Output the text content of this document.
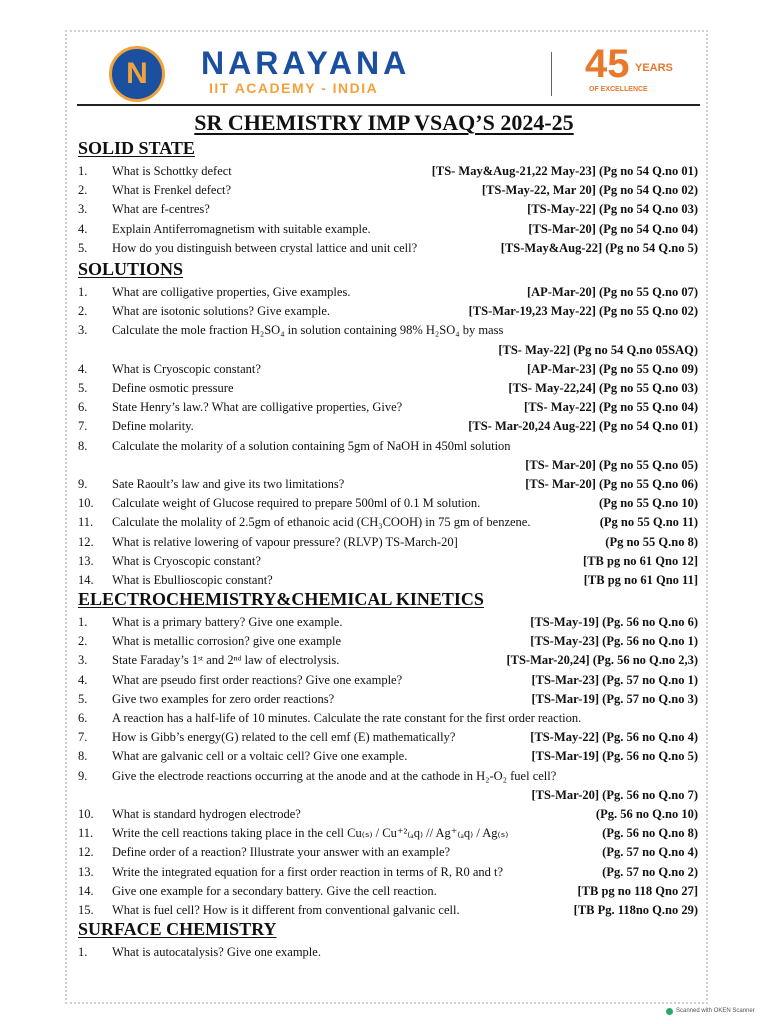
N	NARAYANA
IIT ACADEMY - INDIA
45 YEARS
OF EXCELLENCE
SR CHEMISTRY IMP VSAQ’S 2024-25
SOLID STATE
1. What is Schottky defect	[TS- May&Aug-21,22 May-23] (Pg no 54 Q.no 01)
2. What is Frenkel defect?	[TS-May-22, Mar 20] (Pg no 54 Q.no 02)
3. What are f-centres?	[TS-May-22] (Pg no 54 Q.no 03)
4. Explain Antiferromagnetism with suitable example.	[TS-Mar-20] (Pg no 54 Q.no 04)
5. How do you distinguish between crystal lattice and unit cell?	[TS-May&Aug-22] (Pg no 54 Q.no 5)
SOLUTIONS
1. What are colligative properties, Give examples.	[AP-Mar-20] (Pg no 55 Q.no 07)
2. What are isotonic solutions? Give example.	[TS-Mar-19,23 May-22] (Pg no 55 Q.no 02)
3. Calculate the mole fraction H₂SO₄ in solution containing 98% H₂SO₄ by mass
[TS- May-22] (Pg no 54 Q.no 05SAQ)
4. What is Cryoscopic constant?	[AP-Mar-23] (Pg no 55 Q.no 09)
5. Define osmotic pressure	[TS- May-22,24] (Pg no 55 Q.no 03)
6. State Henry’s law.? What are colligative properties, Give?	[TS- May-22] (Pg no 55 Q.no 04)
7. Define molarity.	[TS- Mar-20,24 Aug-22] (Pg no 54 Q.no 01)
8. Calculate the molarity of a solution containing 5gm of NaOH in 450ml solution
[TS- Mar-20] (Pg no 55 Q.no 05)
9. Sate Raoult’s law and give its two limitations?	[TS- Mar-20] (Pg no 55 Q.no 06)
10. Calculate weight of Glucose required to prepare 500ml of 0.1 M solution.	(Pg no 55 Q.no 10)
11. Calculate the molality of 2.5gm of ethanoic acid (CH₃COOH) in 75 gm of benzene.	(Pg no 55 Q.no 11)
12. What is relative lowering of vapour pressure? (RLVP) TS-March-20]	(Pg no 55 Q.no 8)
13. What is Cryoscopic constant?	[TB pg no 61 Qno 12]
14. What is Ebullioscopic constant?	[TB pg no 61 Qno 11]
ELECTROCHEMISTRY&CHEMICAL KINETICS
1. What is a primary battery? Give one example.	[TS-May-19] (Pg. 56 no Q.no 6)
2. What is metallic corrosion? give one example	[TS-May-23] (Pg. 56 no Q.no 1)
3. State Faraday’s 1ˢᵗ and 2ⁿᵈ law of electrolysis.	[TS-Mar-20,24] (Pg. 56 no Q.no 2,3)
4. What are pseudo first order reactions? Give one example?	[TS-Mar-23] (Pg. 57 no Q.no 1)
5. Give two examples for zero order reactions?	[TS-Mar-19] (Pg. 57 no Q.no 3)
6. A reaction has a half-life of 10 minutes. Calculate the rate constant for the first order reaction.
7. How is Gibb’s energy(G) related to the cell emf (E) mathematically?	[TS-May-22] (Pg. 56 no Q.no 4)
8. What are galvanic cell or a voltaic cell? Give one example.	[TS-Mar-19] (Pg. 56 no Q.no 5)
9. Give the electrode reactions occurring at the anode and at the cathode in H₂-O₂ fuel cell?
[TS-Mar-20] (Pg. 56 no Q.no 7)
10. What is standard hydrogen electrode?	(Pg. 56 no Q.no 10)
11. Write the cell reactions taking place in the cell Cu₍ₛ₎ / Cu⁺²₍ₐq₎ // Ag⁺₍ₐq₎ / Ag₍ₛ₎	(Pg. 56 no Q.no 8)
12. Define order of a reaction? Illustrate your answer with an example?	(Pg. 57 no Q.no 4)
13. Write the integrated equation for a first order reaction in terms of R, R0 and t?	(Pg. 57 no Q.no 2)
14. Give one example for a secondary battery. Give the cell reaction.	[TB pg no 118 Qno 27]
15. What is fuel cell? How is it different from conventional galvanic cell.	[TB Pg. 118no Q.no 29)
SURFACE CHEMISTRY
1. What is autocatalysis? Give one example.
Scanned with OKEN Scanner
